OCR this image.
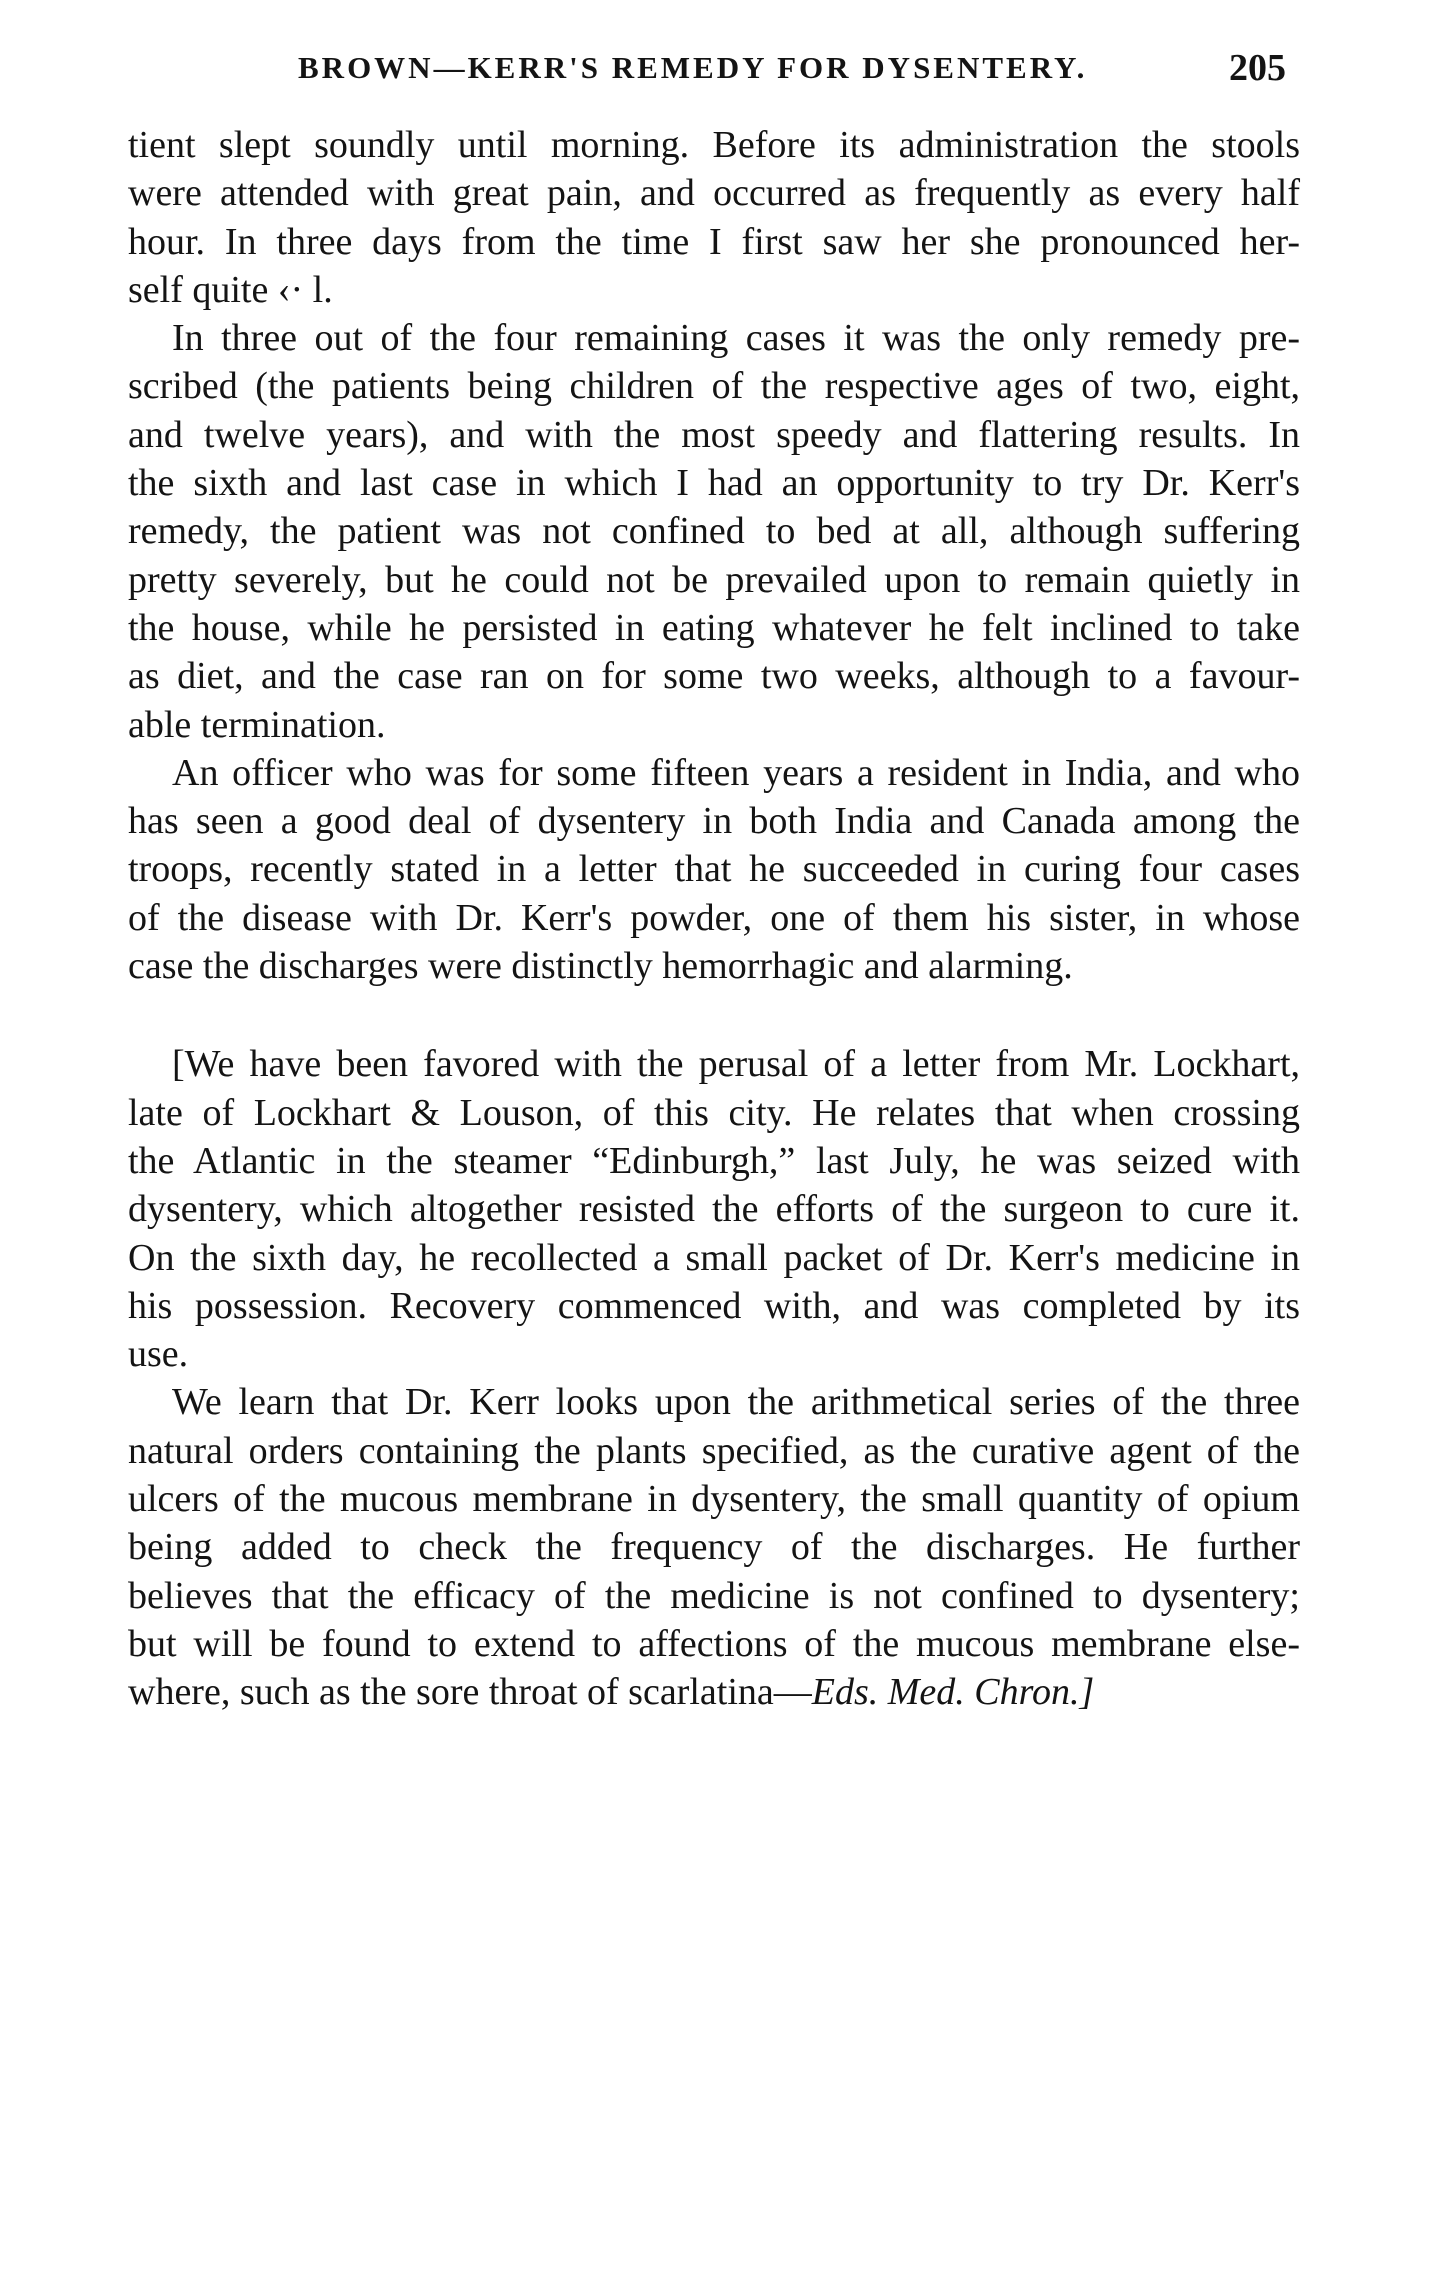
BROWN—KERR'S REMEDY FOR DYSENTERY.	205

tient slept soundly until morning. Before its administration the stools

were attended with great pain, and occurred as frequently as every half

hour. In three days from the time I first saw her she pronounced her-

self quite ‹· l.

In three out of the four remaining cases it was the only remedy pre-

scribed (the patients being children of the respective ages of two, eight,

and twelve years), and with the most speedy and flattering results. In

the sixth and last case in which I had an opportunity to try Dr. Kerr's

remedy, the patient was not confined to bed at all, although suffering

pretty severely, but he could not be prevailed upon to remain quietly in

the house, while he persisted in eating whatever he felt inclined to take

as diet, and the case ran on for some two weeks, although to a favour-

able termination.

An officer who was for some fifteen years a resident in India, and who

has seen a good deal of dysentery in both India and Canada among the

troops, recently stated in a letter that he succeeded in curing four cases

of the disease with Dr. Kerr's powder, one of them his sister, in whose

case the discharges were distinctly hemorrhagic and alarming.

[We have been favored with the perusal of a letter from Mr. Lockhart,

late of Lockhart & Louson, of this city. He relates that when crossing

the Atlantic in the steamer “Edinburgh,” last July, he was seized with

dysentery, which altogether resisted the efforts of the surgeon to cure it.

On the sixth day, he recollected a small packet of Dr. Kerr's medicine in

his possession. Recovery commenced with, and was completed by its

use.

We learn that Dr. Kerr looks upon the arithmetical series of the three

natural orders containing the plants specified, as the curative agent of the

ulcers of the mucous membrane in dysentery, the small quantity of opium

being added to check the frequency of the discharges. He further

believes that the efficacy of the medicine is not confined to dysentery;

but will be found to extend to affections of the mucous membrane else-

where, such as the sore throat of scarlatina—Eds. Med. Chron.]
